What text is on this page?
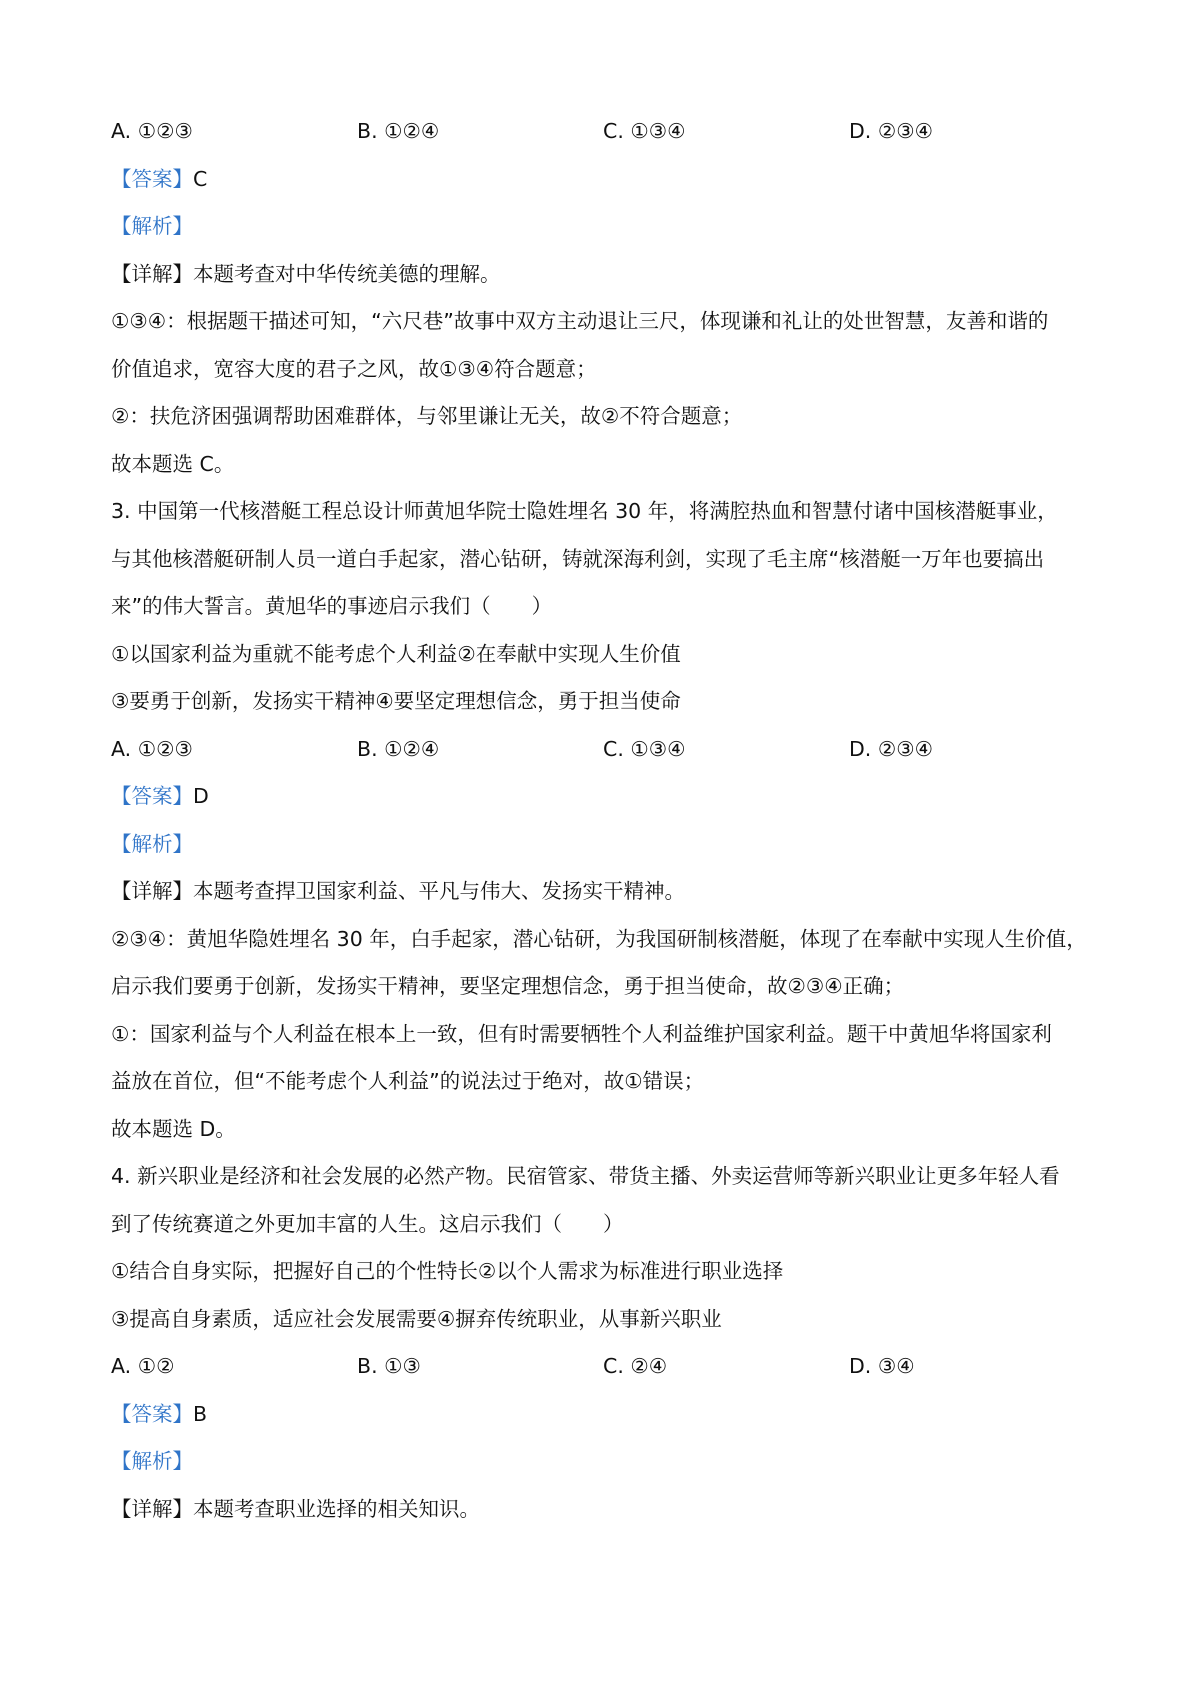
A. ①②③	B. ①②④	C. ①③④	D. ②③④
【答案】C
【解析】
【详解】本题考查对中华传统美德的理解。
①③④：根据题干描述可知，“六尺巷”故事中双方主动退让三尺，体现谦和礼让的处世智慧，友善和谐的
价值追求，宽容大度的君子之风，故①③④符合题意；
②：扶危济困强调帮助困难群体，与邻里谦让无关，故②不符合题意；
故本题选 C。
3. 中国第一代核潜艇工程总设计师黄旭华院士隐姓埋名 30 年，将满腔热血和智慧付诸中国核潜艇事业，
与其他核潜艇研制人员一道白手起家，潜心钻研，铸就深海利剑，实现了毛主席“核潜艇一万年也要搞出
来”的伟大誓言。黄旭华的事迹启示我们（　　）
①以国家利益为重就不能考虑个人利益②在奉献中实现人生价值
③要勇于创新，发扬实干精神④要坚定理想信念，勇于担当使命
A. ①②③	B. ①②④	C. ①③④	D. ②③④
【答案】D
【解析】
【详解】本题考查捍卫国家利益、平凡与伟大、发扬实干精神。
②③④：黄旭华隐姓埋名 30 年，白手起家，潜心钻研，为我国研制核潜艇，体现了在奉献中实现人生价值，
启示我们要勇于创新，发扬实干精神，要坚定理想信念，勇于担当使命，故②③④正确；
①：国家利益与个人利益在根本上一致，但有时需要牺牲个人利益维护国家利益。题干中黄旭华将国家利
益放在首位，但“不能考虑个人利益”的说法过于绝对，故①错误；
故本题选 D。
4. 新兴职业是经济和社会发展的必然产物。民宿管家、带货主播、外卖运营师等新兴职业让更多年轻人看
到了传统赛道之外更加丰富的人生。这启示我们（　　）
①结合自身实际，把握好自己的个性特长②以个人需求为标准进行职业选择
③提高自身素质，适应社会发展需要④摒弃传统职业，从事新兴职业
A. ①②	B. ①③	C. ②④	D. ③④
【答案】B
【解析】
【详解】本题考查职业选择的相关知识。
